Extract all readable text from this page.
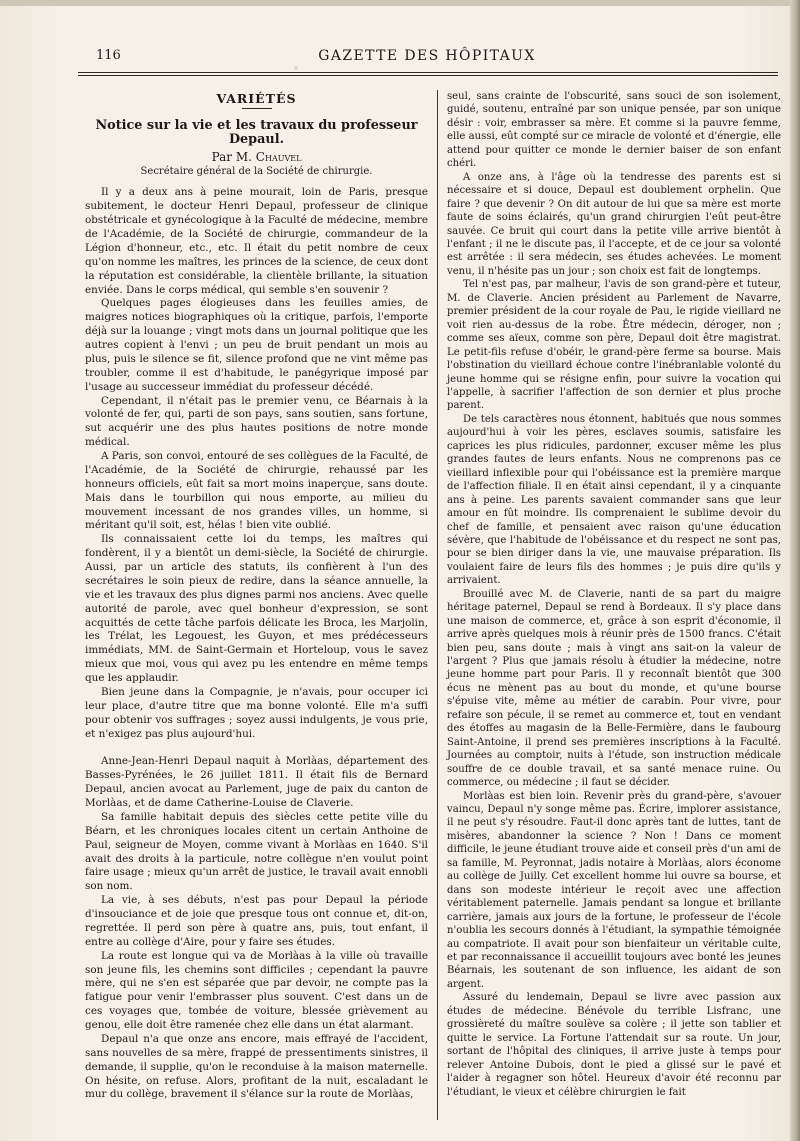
116	GAZETTE DES HÔPITAUX
VARIÉTÉS
Notice sur la vie et les travaux du professeur Depaul.
Par M. Chauvel
Secrétaire général de la Société de chirurgie.

Il y a deux ans à peine mourait, loin de Paris, presque subitement, le docteur Henri Depaul, professeur de clinique obstétricale et gynécologique à la Faculté de médecine, membre de l'Académie, de la Société de chirurgie, commandeur de la Légion d'honneur, etc., etc. Il était du petit nombre de ceux qu'on nomme les maîtres, les princes de la science, de ceux dont la réputation est considérable, la clientèle brillante, la situation enviée. Dans le corps médical, qui semble s'en souvenir ?

Quelques pages élogieuses dans les feuilles amies, de maigres notices biographiques où la critique, parfois, l'emporte déjà sur la louange ; vingt mots dans un journal politique que les autres copient à l'envi ; un peu de bruit pendant un mois au plus, puis le silence se fit, silence profond que ne vint même pas troubler, comme il est d'habitude, le panégyrique imposé par l'usage au successeur immédiat du professeur décédé.

Cependant, il n'était pas le premier venu, ce Béarnais à la volonté de fer, qui, parti de son pays, sans soutien, sans fortune, sut acquérir une des plus hautes positions de notre monde médical.

A Paris, son convoi, entouré de ses collègues de la Faculté, de l'Académie, de la Société de chirurgie, rehaussé par les honneurs officiels, eût fait sa mort moins inaperçue, sans doute. Mais dans le tourbillon qui nous emporte, au milieu du mouvement incessant de nos grandes villes, un homme, si méritant qu'il soit, est, hélas ! bien vite oublié.

Ils connaissaient cette loi du temps, les maîtres qui fondèrent, il y a bientôt un demi-siècle, la Société de chirurgie. Aussi, par un article des statuts, ils confièrent à l'un des secrétaires le soin pieux de redire, dans la séance annuelle, la vie et les travaux des plus dignes parmi nos anciens. Avec quelle autorité de parole, avec quel bonheur d'expression, se sont acquittés de cette tâche parfois délicate les Broca, les Marjolin, les Trélat, les Legouest, les Guyon, et mes prédécesseurs immédiats, MM. de Saint-Germain et Horteloup, vous le savez mieux que moi, vous qui avez pu les entendre en même temps que les applaudir.

Bien jeune dans la Compagnie, je n'avais, pour occuper ici leur place, d'autre titre que ma bonne volonté. Elle m'a suffi pour obtenir vos suffrages ; soyez aussi indulgents, je vous prie, et n'exigez pas plus aujourd'hui.

Anne-Jean-Henri Depaul naquit à Morlàas, département des Basses-Pyrénées, le 26 juillet 1811. Il était fils de Bernard Depaul, ancien avocat au Parlement, juge de paix du canton de Morlàas, et de dame Catherine-Louise de Claverie.

Sa famille habitait depuis des siècles cette petite ville du Béarn, et les chroniques locales citent un certain Anthoine de Paul, seigneur de Moyen, comme vivant à Morlàas en 1640. S'il avait des droits à la particule, notre collègue n'en voulut point faire usage ; mieux qu'un arrêt de justice, le travail avait ennobli son nom.

La vie, à ses débuts, n'est pas pour Depaul la période d'insouciance et de joie que presque tous ont connue et, dit-on, regrettée. Il perd son père à quatre ans, puis, tout enfant, il entre au collège d'Aire, pour y faire ses études.

La route est longue qui va de Morlàas à la ville où travaille son jeune fils, les chemins sont difficiles ; cependant la pauvre mère, qui ne s'en est séparée que par devoir, ne compte pas la fatigue pour venir l'embrasser plus souvent. C'est dans un de ces voyages que, tombée de voiture, blessée grièvement au genou, elle doit être ramenée chez elle dans un état alarmant.

Depaul n'a que onze ans encore, mais effrayé de l'accident, sans nouvelles de sa mère, frappé de pressentiments sinistres, il demande, il supplie, qu'on le reconduise à la maison maternelle. On hésite, on refuse. Alors, profitant de la nuit, escaladant le mur du collège, bravement il s'élance sur la route de Morlàas,

seul, sans crainte de l'obscurité, sans souci de son isolement, guidé, soutenu, entraîné par son unique pensée, par son unique désir : voir, embrasser sa mère. Et comme si la pauvre femme, elle aussi, eût compté sur ce miracle de volonté et d'énergie, elle attend pour quitter ce monde le dernier baiser de son enfant chéri.

A onze ans, à l'âge où la tendresse des parents est si nécessaire et si douce, Depaul est doublement orphelin. Que faire ? que devenir ? On dit autour de lui que sa mère est morte faute de soins éclairés, qu'un grand chirurgien l'eût peut-être sauvée. Ce bruit qui court dans la petite ville arrive bientôt à l'enfant ; il ne le discute pas, il l'accepte, et de ce jour sa volonté est arrêtée : il sera médecin, ses études achevées. Le moment venu, il n'hésite pas un jour ; son choix est fait de longtemps.

Tel n'est pas, par malheur, l'avis de son grand-père et tuteur, M. de Claverie. Ancien président au Parlement de Navarre, premier président de la cour royale de Pau, le rigide vieillard ne voit rien au-dessus de la robe. Être médecin, déroger, non ; comme ses aïeux, comme son père, Depaul doit être magistrat. Le petit-fils refuse d'obéir, le grand-père ferme sa bourse. Mais l'obstination du vieillard échoue contre l'inébranlable volonté du jeune homme qui se résigne enfin, pour suivre la vocation qui l'appelle, à sacrifier l'affection de son dernier et plus proche parent.

De tels caractères nous étonnent, habitués que nous sommes aujourd'hui à voir les pères, esclaves soumis, satisfaire les caprices les plus ridicules, pardonner, excuser même les plus grandes fautes de leurs enfants. Nous ne comprenons pas ce vieillard inflexible pour qui l'obéissance est la première marque de l'affection filiale. Il en était ainsi cependant, il y a cinquante ans à peine. Les parents savaient commander sans que leur amour en fût moindre. Ils comprenaient le sublime devoir du chef de famille, et pensaient avec raison qu'une éducation sévère, que l'habitude de l'obéissance et du respect ne sont pas, pour se bien diriger dans la vie, une mauvaise préparation. Ils voulaient faire de leurs fils des hommes ; je puis dire qu'ils y arrivaient.

Brouillé avec M. de Claverie, nanti de sa part du maigre héritage paternel, Depaul se rend à Bordeaux. Il s'y place dans une maison de commerce, et, grâce à son esprit d'économie, il arrive après quelques mois à réunir près de 1500 francs. C'était bien peu, sans doute ; mais à vingt ans sait-on la valeur de l'argent ? Plus que jamais résolu à étudier la médecine, notre jeune homme part pour Paris. Il y reconnaît bientôt que 300 écus ne mènent pas au bout du monde, et qu'une bourse s'épuise vite, même au métier de carabin. Pour vivre, pour refaire son pécule, il se remet au commerce et, tout en vendant des étoffes au magasin de la Belle-Fermière, dans le faubourg Saint-Antoine, il prend ses premières inscriptions à la Faculté. Journées au comptoir, nuits à l'étude, son instruction médicale souffre de ce double travail, et sa santé menace ruine. Ou commerce, ou médecine ; il faut se décider.

Morlàas est bien loin. Revenir près du grand-père, s'avouer vaincu, Depaul n'y songe même pas. Écrire, implorer assistance, il ne peut s'y résoudre. Faut-il donc après tant de luttes, tant de misères, abandonner la science ? Non ! Dans ce moment difficile, le jeune étudiant trouve aide et conseil près d'un ami de sa famille, M. Peyronnat, jadis notaire à Morlàas, alors économe au collège de Juilly. Cet excellent homme lui ouvre sa bourse, et dans son modeste intérieur le reçoit avec une affection véritablement paternelle. Jamais pendant sa longue et brillante carrière, jamais aux jours de la fortune, le professeur de l'école n'oublia les secours donnés à l'étudiant, la sympathie témoignée au compatriote. Il avait pour son bienfaiteur un véritable culte, et par reconnaissance il accueillit toujours avec bonté les jeunes Béarnais, les soutenant de son influence, les aidant de son argent.

Assuré du lendemain, Depaul se livre avec passion aux études de médecine. Bénévole du terrible Lisfranc, une grossièreté du maître soulève sa colère ; il jette son tablier et quitte le service. La Fortune l'attendait sur sa route. Un jour, sortant de l'hôpital des cliniques, il arrive juste à temps pour relever Antoine Dubois, dont le pied a glissé sur le pavé et l'aider à regagner son hôtel. Heureux d'avoir été reconnu par l'étudiant, le vieux et célèbre chirurgien le fait
